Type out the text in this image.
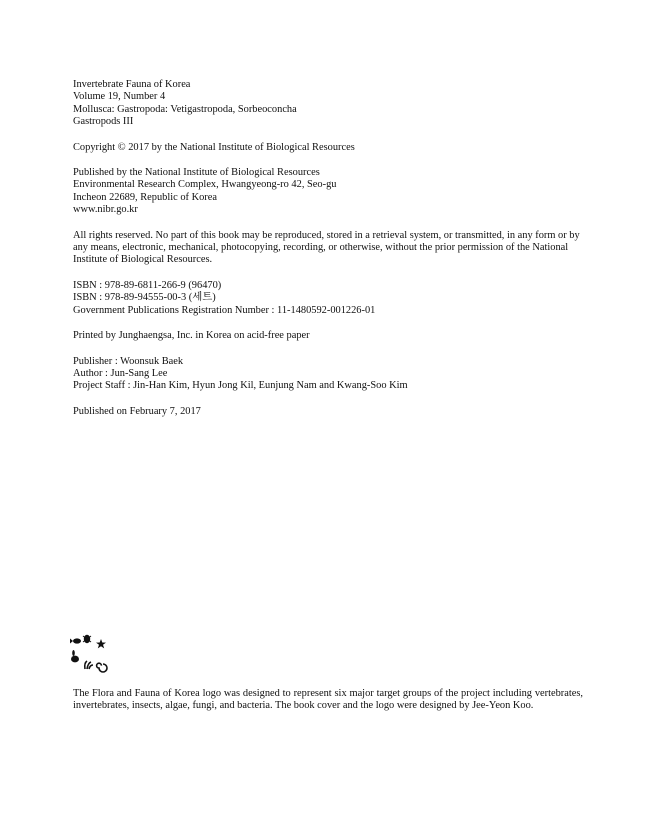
Invertebrate Fauna of Korea
Volume 19, Number 4
Mollusca: Gastropoda: Vetigastropoda, Sorbeoconcha
Gastropods III
Copyright © 2017 by the National Institute of Biological Resources
Published by the National Institute of Biological Resources
Environmental Research Complex, Hwangyeong-ro 42, Seo-gu
Incheon 22689, Republic of Korea
www.nibr.go.kr
All rights reserved. No part of this book may be reproduced, stored in a retrieval system, or transmitted, in any form or by any means, electronic, mechanical, photocopying, recording, or otherwise, without the prior permission of the National Institute of Biological Resources.
ISBN : 978-89-6811-266-9 (96470)
ISBN : 978-89-94555-00-3 (세트)
Government Publications Registration Number : 11-1480592-001226-01
Printed by Junghaengsa, Inc. in Korea on acid-free paper
Publisher : Woonsuk Baek
Author : Jun-Sang Lee
Project Staff : Jin-Han Kim, Hyun Jong Kil, Eunjung Nam and Kwang-Soo Kim
Published on February 7, 2017
The Flora and Fauna of Korea logo was designed to represent six major target groups of the project including vertebrates, invertebrates, insects, algae, fungi, and bacteria. The book cover and the logo were designed by Jee-Yeon Koo.
